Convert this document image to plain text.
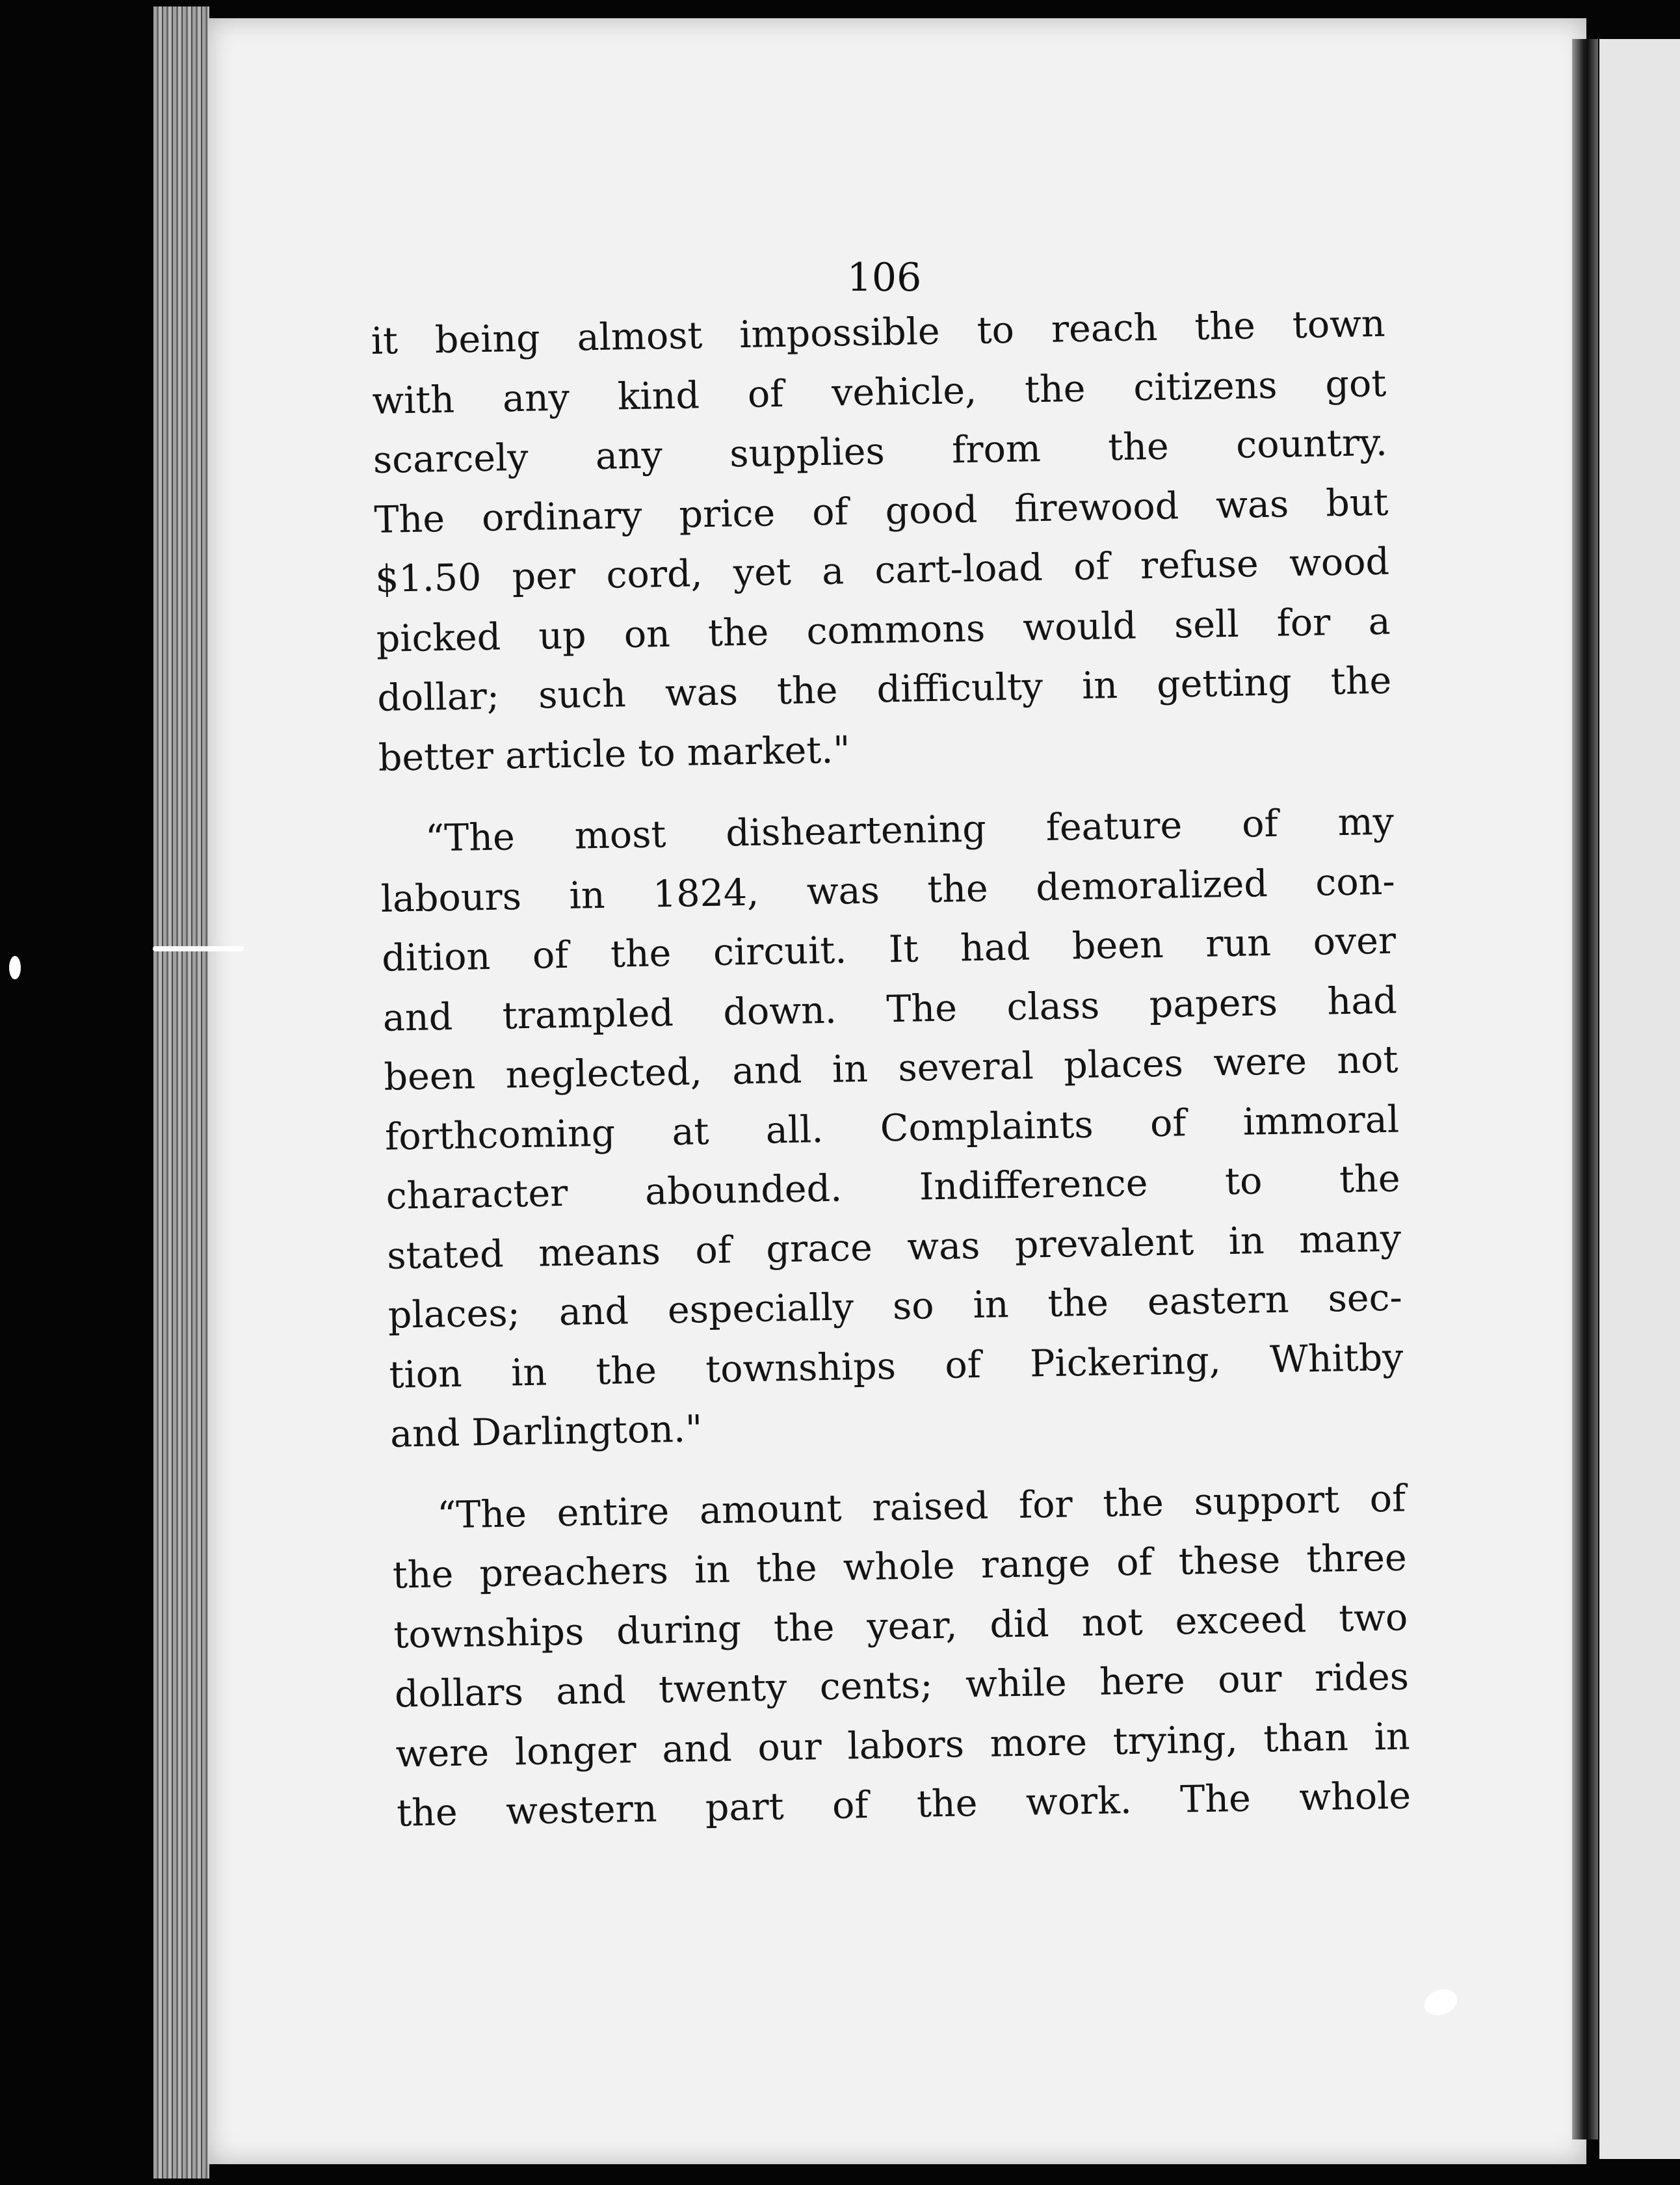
106
it being almost impossible to reach the town
with any kind of vehicle, the citizens got
scarcely any supplies from the country.
The ordinary price of good firewood was but
$1.50 per cord, yet a cart-load of refuse wood
picked up on the commons would sell for a
dollar; such was the difficulty in getting the
better article to market."
“The most disheartening feature of my
labours in 1824, was the demoralized con-
dition of the circuit. It had been run over
and trampled down. The class papers had
been neglected, and in several places were not
forthcoming at all. Complaints of immoral
character abounded. Indifference to the
stated means of grace was prevalent in many
places; and especially so in the eastern sec-
tion in the townships of Pickering, Whitby
and Darlington."
“The entire amount raised for the support of
the preachers in the whole range of these three
townships during the year, did not exceed two
dollars and twenty cents; while here our rides
were longer and our labors more trying, than in
the western part of the work. The whole
